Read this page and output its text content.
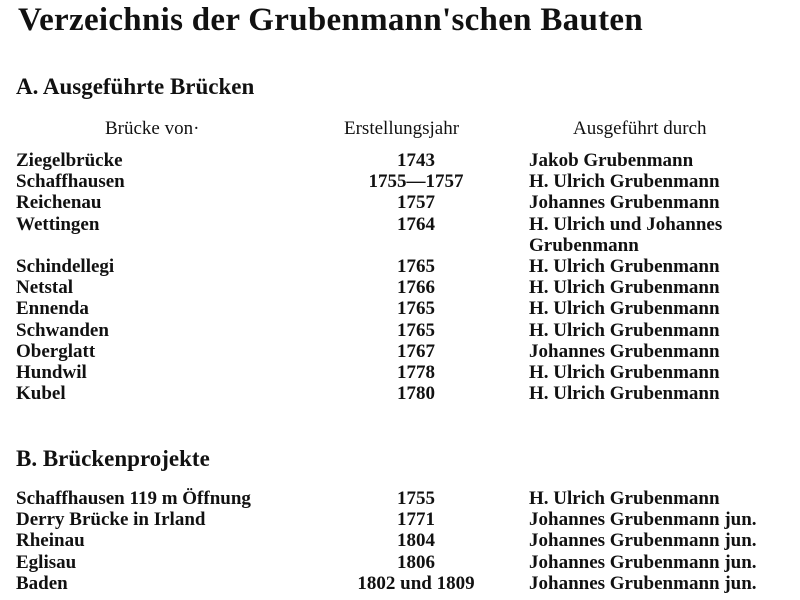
Verzeichnis der Grubenmann'schen Bauten
A. Ausgeführte Brücken
Brücke von·	Erstellungsjahr	Ausgeführt durch
Ziegelbrücke	1743	Jakob Grubenmann
Schaffhausen	1755—1757	H. Ulrich Grubenmann
Reichenau	1757	Johannes Grubenmann
Wettingen	1764	H. Ulrich und Johannes Grubenmann
Schindellegi	1765	H. Ulrich Grubenmann
Netstal	1766	H. Ulrich Grubenmann
Ennenda	1765	H. Ulrich Grubenmann
Schwanden	1765	H. Ulrich Grubenmann
Oberglatt	1767	Johannes Grubenmann
Hundwil	1778	H. Ulrich Grubenmann
Kubel	1780	H. Ulrich Grubenmann
B. Brückenprojekte
Schaffhausen 119 m Öffnung	1755	H. Ulrich Grubenmann
Derry Brücke in Irland	1771	Johannes Grubenmann jun.
Rheinau	1804	Johannes Grubenmann jun.
Eglisau	1806	Johannes Grubenmann jun.
Baden	1802 und 1809	Johannes Grubenmann jun.
